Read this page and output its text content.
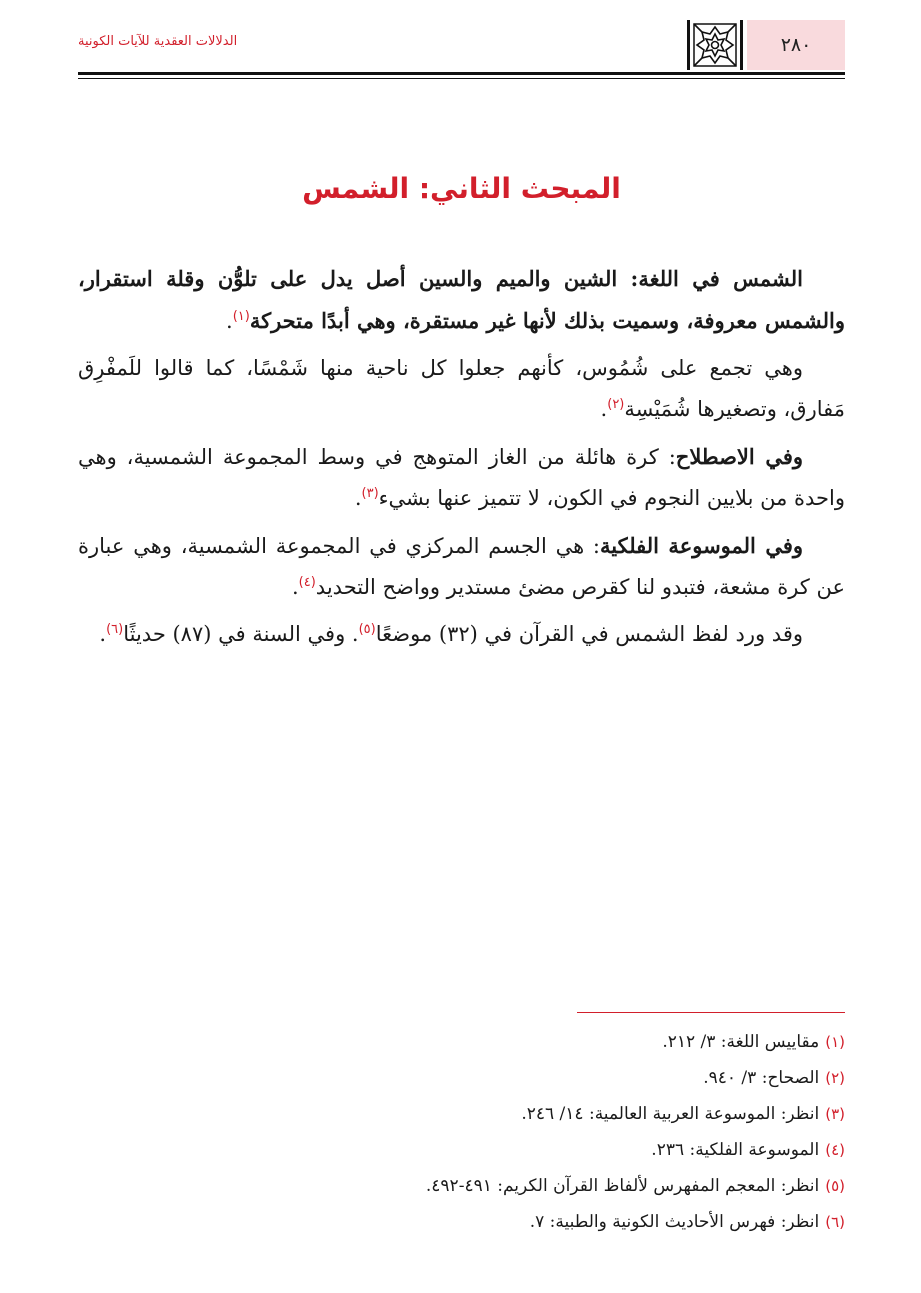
٢٨٠
الدلالات العقدية للآيات الكونية
المبحث الثاني: الشمس

الشمس في اللغة: الشين والميم والسين أصل يدل على تلوُّن وقلة استقرار، والشمس معروفة، وسميت بذلك لأنها غير مستقرة، وهي أبدًا متحركة$^{(١)}$.

وهي تجمع على شُمُوس، كأنهم جعلوا كل ناحية منها شَمْسًا، كما قالوا للَمفْرِق مَفارق، وتصغيرها شُمَيْسِة$^{(٢)}$.

وفي الاصطلاح: كرة هائلة من الغاز المتوهج في وسط المجموعة الشمسية، وهي واحدة من بلايين النجوم في الكون، لا تتميز عنها بشيء$^{(٣)}$.

وفي الموسوعة الفلكية: هي الجسم المركزي في المجموعة الشمسية، وهي عبارة عن كرة مشعة، فتبدو لنا كقرص مضئ مستدير وواضح التحديد$^{(٤)}$.

وقد ورد لفظ الشمس في القرآن في (٣٢) موضعًا$^{(٥)}$. وفي السنة في (٨٧) حديثًا$^{(٦)}$.

(١)مقاييس اللغة: ٣/ ٢١٢.

(٢)الصحاح: ٣/ ٩٤٠.

(٣)انظر: الموسوعة العربية العالمية: ١٤/ ٢٤٦.

(٤)الموسوعة الفلكية: ٢٣٦.

(٥)انظر: المعجم المفهرس لألفاظ القرآن الكريم: ٤٩١-٤٩٢.

(٦)انظر: فهرس الأحاديث الكونية والطبية: ٧.
